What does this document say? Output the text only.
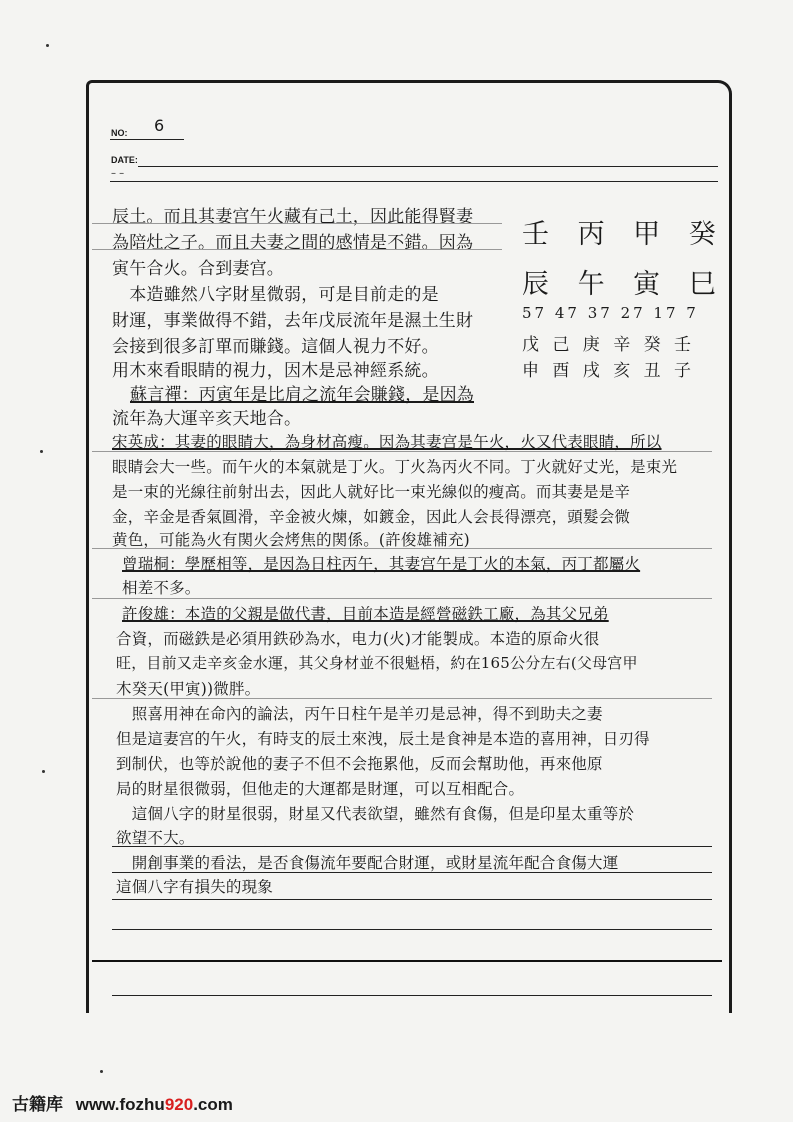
NO: 6
DATE:
– –
壬 丙 甲 癸
辰 午 寅 巳
57 47 37 27 17 7
戊 己 庚 辛 癸 壬
申 酉 戌 亥 丑 子
辰土。而且其妻宫午火藏有己土，因此能得賢妻
為陪灶之子。而且夫妻之間的感情是不錯。因為
寅午合火。合到妻宫。
　本造雖然八字財星微弱，可是目前走的是
財運，事業做得不錯，去年戊辰流年是濕土生財
会接到很多訂單而賺錢。這個人視力不好。
用木來看眼睛的視力，因木是忌神經系統。
蘇言禪：丙寅年是比肩之流年会賺錢，是因為
流年為大運辛亥天地合。
宋英成：其妻的眼睛大，為身材高瘦。因為其妻宫是午火，火又代表眼睛，所以
眼睛会大一些。而午火的本氣就是丁火。丁火為丙火不同。丁火就好丈光，是束光
是一束的光線往前射出去，因此人就好比一束光線似的瘦高。而其妻是是辛
金，辛金是香氣圓滑，辛金被火煉，如鍍金，因此人会長得漂亮，頭髮会微
黄色，可能為火有関火会烤焦的関係。(許俊雄補充)
曾瑞桐：學歷相等，是因為日柱丙午，其妻宫午是丁火的本氣，丙丁都屬火
相差不多。
許俊雄：本造的父親是做代書，目前本造是經營磁鉄工廠，為其父兄弟
合資，而磁鉄是必須用鉄砂為水，电力(火)才能製成。本造的原命火很
旺，目前又走辛亥金水運，其父身材並不很魁梧，約在165公分左右(父母宫甲
木癸天(甲寅))微胖。
　照喜用神在命內的論法，丙午日柱午是羊刃是忌神，得不到助夫之妻
但是這妻宫的午火，有時支的辰土來洩，辰土是食神是本造的喜用神，日刃得
到制伏，也等於說他的妻子不但不会拖累他，反而会幫助他，再來他原
局的財星很微弱，但他走的大運都是財運，可以互相配合。
　這個八字的財星很弱，財星又代表欲望，雖然有食傷，但是印星太重等於
欲望不大。
　開創事業的看法，是否食傷流年要配合財運，或財星流年配合食傷大運
這個八字有損失的現象
古籍库 www.fozhu920.com
